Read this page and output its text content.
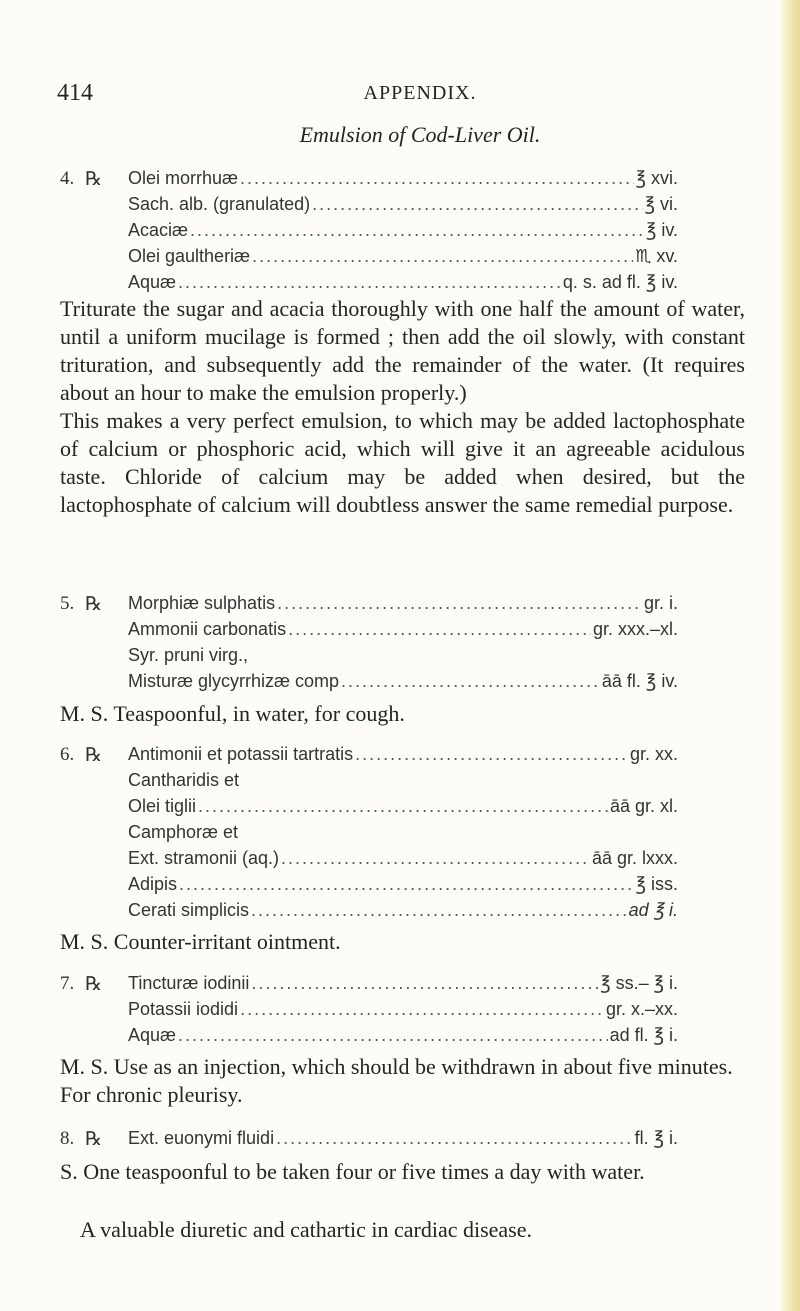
414	APPENDIX.
Emulsion of Cod-Liver Oil.
4. ℞ Olei morrhuæ .....	℥ xvi.
Sach. alb. (granulated) .....	℥ vi.
Acaciæ .....	℥ iv.
Olei gaultheriæ .....	♏ xv.
Aquæ .....	q. s. ad fl. ℥ iv.

Triturate the sugar and acacia thoroughly with one half the amount of water, until a uniform mucilage is formed ; then add the oil slowly, with constant trituration, and subsequently add the remainder of the water. (It requires about an hour to make the emulsion properly.)

This makes a very perfect emulsion, to which may be added lactophosphate of calcium or phosphoric acid, which will give it an agreeable acidulous taste. Chloride of calcium may be added when desired, but the lactophosphate of calcium will doubtless answer the same remedial purpose.

5. ℞ Morphiæ sulphatis .....	gr. i.
Ammonii carbonatis .....	gr. xxx.–xl.
Syr. pruni virg.,
Misturæ glycyrrhizæ comp .....	āā fl. ℥ iv.
M. S. Teaspoonful, in water, for cough.
6. ℞ Antimonii et potassii tartratis .....	gr. xx.
Cantharidis et
Olei tiglii .....	āā gr. xl.
Camphoræ et
Ext. stramonii (aq.) .....	āā gr. lxxx.
Adipis .....	℥ iss.
Cerati simplicis .....	ad ℥ i.
M. S. Counter-irritant ointment.
7. ℞ Tincturæ iodinii .....	℥ ss.– ℥ i.
Potassii iodidi .....	gr. x.–xx.
Aquæ .....	ad fl. ℥ i.
M. S. Use as an injection, which should be withdrawn in about five minutes. For chronic pleurisy.
8. ℞ Ext. euonymi fluidi .....	fl. ℥ i.
S. One teaspoonful to be taken four or five times a day with water.
A valuable diuretic and cathartic in cardiac disease.
